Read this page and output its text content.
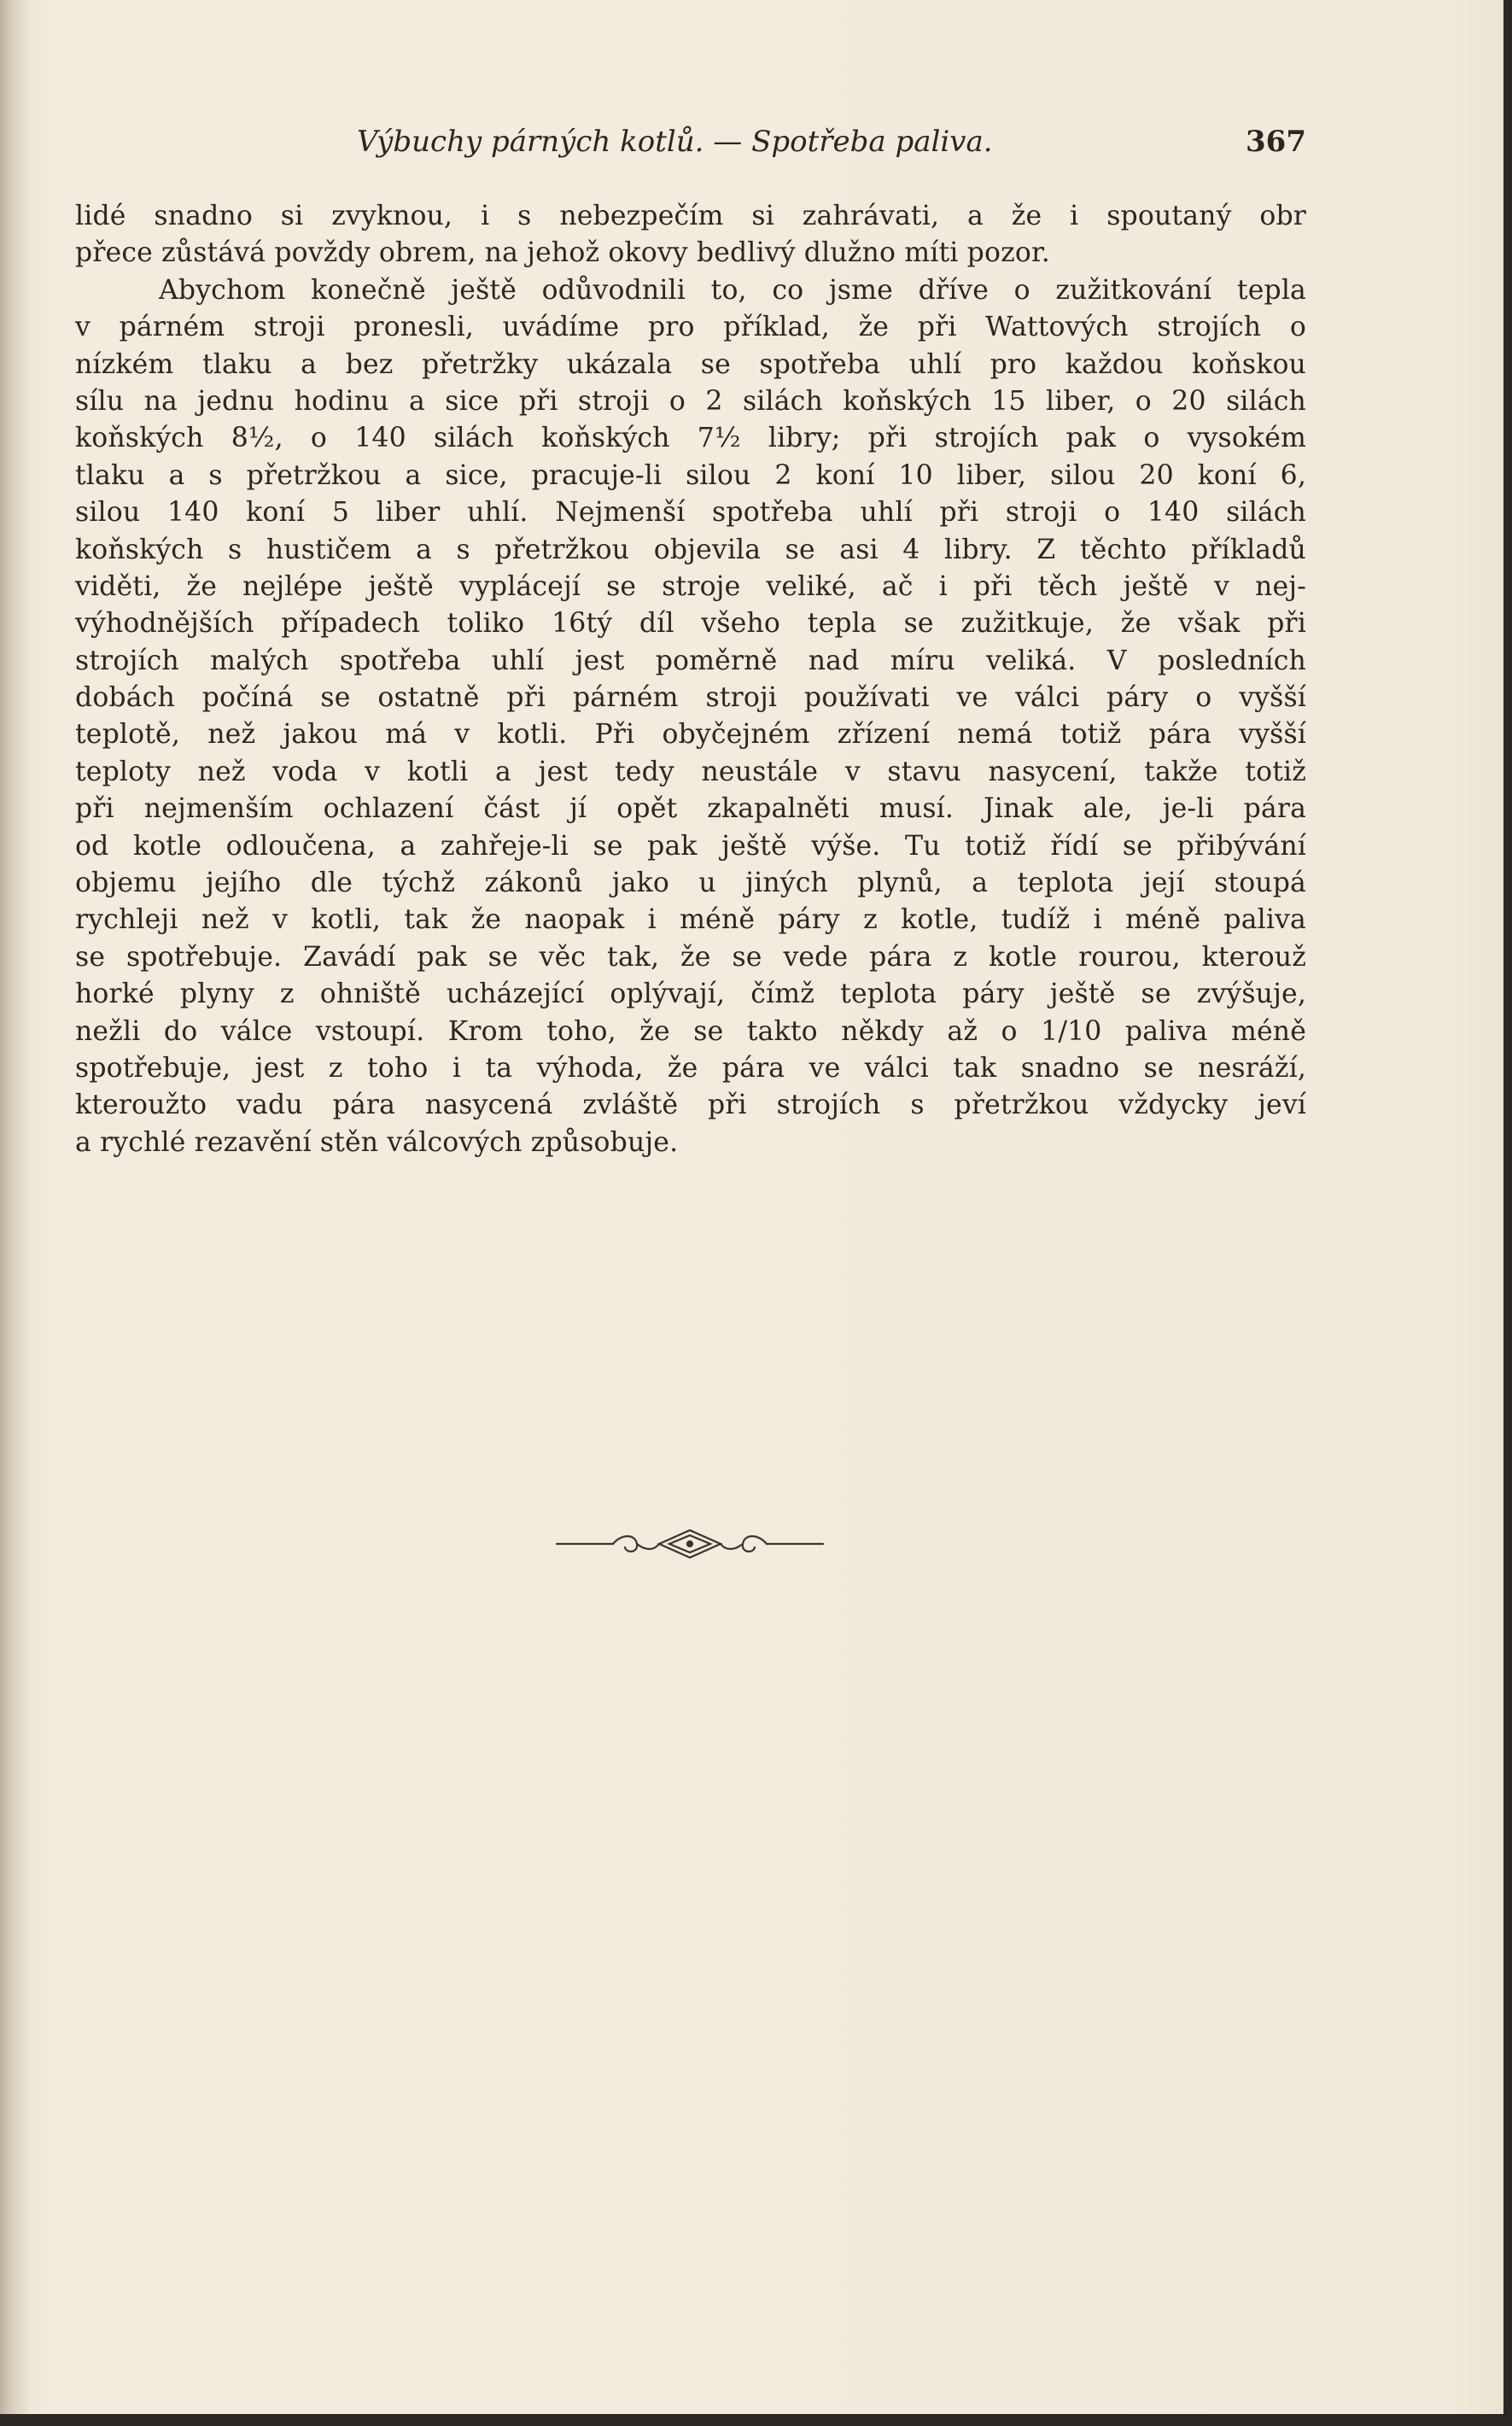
Výbuchy párných kotlů. — Spotřeba paliva.	367
lidé snadno si zvyknou, i s nebezpečím si zahrávati, a že i spoutaný obr
přece zůstává povždy obrem, na jehož okovy bedlivý dlužno míti pozor.
Abychom konečně ještě odůvodnili to, co jsme dříve o zužitkování tepla
v párném stroji pronesli, uvádíme pro příklad, že při Wattových strojích o
nízkém tlaku a bez přetržky ukázala se spotřeba uhlí pro každou koňskou
sílu na jednu hodinu a sice při stroji o 2 silách koňských 15 liber, o 20 silách
koňských 8½, o 140 silách koňských 7½ libry; při strojích pak o vysokém
tlaku a s přetržkou a sice, pracuje-li silou 2 koní 10 liber, silou 20 koní 6,
silou 140 koní 5 liber uhlí. Nejmenší spotřeba uhlí při stroji o 140 silách
koňských s hustičem a s přetržkou objevila se asi 4 libry. Z těchto příkladů
viděti, že nejlépe ještě vyplácejí se stroje veliké, ač i při těch ještě v nej-
výhodnějších případech toliko 16tý díl všeho tepla se zužitkuje, že však při
strojích malých spotřeba uhlí jest poměrně nad míru veliká. V posledních
dobách počíná se ostatně při párném stroji používati ve válci páry o vyšší
teplotě, než jakou má v kotli. Při obyčejném zřízení nemá totiž pára vyšší
teploty než voda v kotli a jest tedy neustále v stavu nasycení, takže totiž
při nejmenším ochlazení část jí opět zkapalněti musí. Jinak ale, je-li pára
od kotle odloučena, a zahřeje-li se pak ještě výše. Tu totiž řídí se přibývání
objemu jejího dle týchž zákonů jako u jiných plynů, a teplota její stoupá
rychleji než v kotli, tak že naopak i méně páry z kotle, tudíž i méně paliva
se spotřebuje. Zavádí pak se věc tak, že se vede pára z kotle rourou, kterouž
horké plyny z ohniště ucházející oplývají, čímž teplota páry ještě se zvýšuje,
nežli do válce vstoupí. Krom toho, že se takto někdy až o 1/10 paliva méně
spotřebuje, jest z toho i ta výhoda, že pára ve válci tak snadno se nesráží,
kteroužto vadu pára nasycená zvláště při strojích s přetržkou vždycky jeví
a rychlé rezavění stěn válcových způsobuje.
